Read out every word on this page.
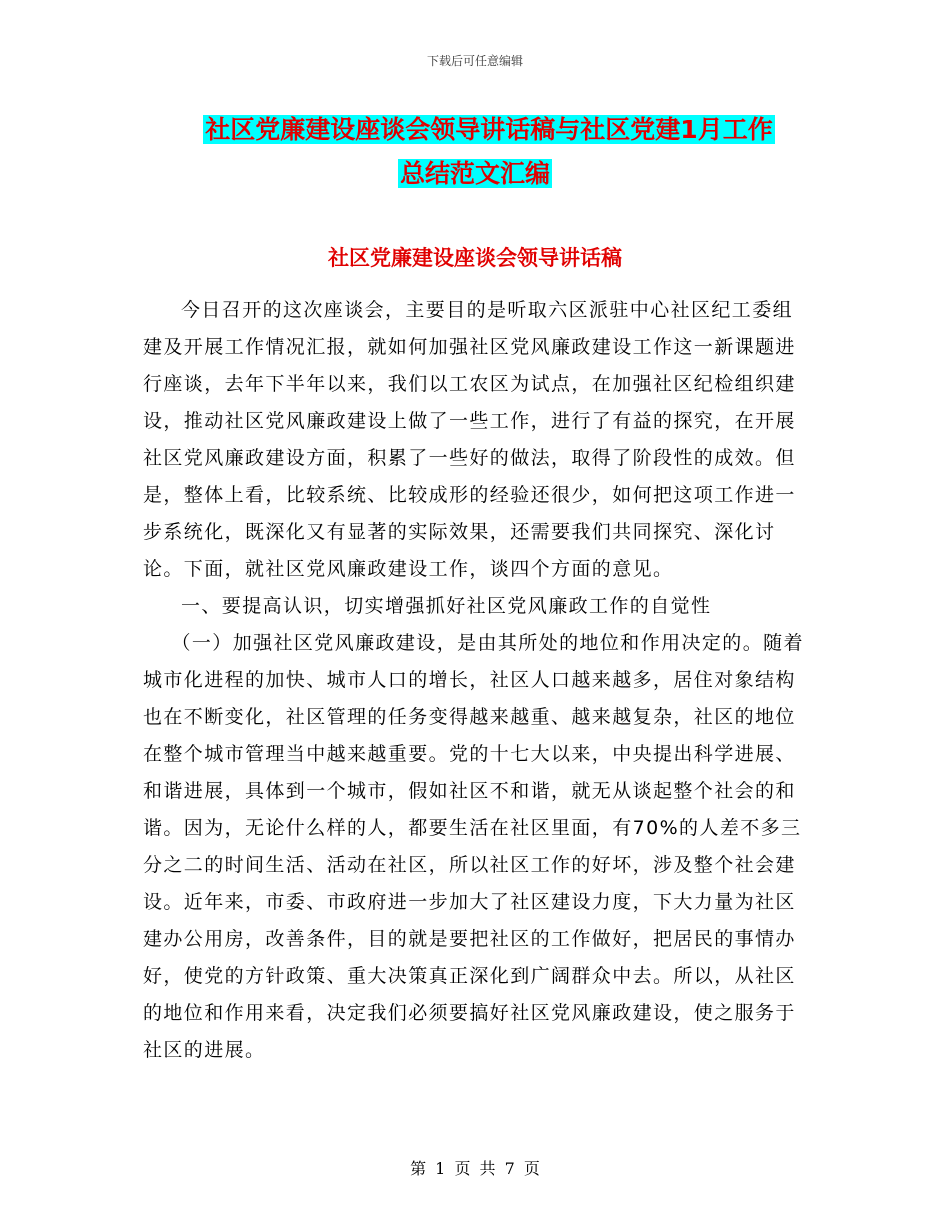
下载后可任意编辑
社区党廉建设座谈会领导讲话稿与社区党建1月工作
总结范文汇编
社区党廉建设座谈会领导讲话稿

今日召开的这次座谈会，主要目的是听取六区派驻中心社区纪工委组建及开展工作情况汇报，就如何加强社区党风廉政建设工作这一新课题进行座谈，去年下半年以来，我们以工农区为试点，在加强社区纪检组织建设，推动社区党风廉政建设上做了一些工作，进行了有益的探究，在开展社区党风廉政建设方面，积累了一些好的做法，取得了阶段性的成效。但是，整体上看，比较系统、比较成形的经验还很少，如何把这项工作进一步系统化，既深化又有显著的实际效果，还需要我们共同探究、深化讨论。下面，就社区党风廉政建设工作，谈四个方面的意见。

一、要提高认识，切实增强抓好社区党风廉政工作的自觉性

（一）加强社区党风廉政建设，是由其所处的地位和作用决定的。随着城市化进程的加快、城市人口的增长，社区人口越来越多，居住对象结构也在不断变化，社区管理的任务变得越来越重、越来越复杂，社区的地位在整个城市管理当中越来越重要。党的十七大以来，中央提出科学进展、和谐进展，具体到一个城市，假如社区不和谐，就无从谈起整个社会的和谐。因为，无论什么样的人，都要生活在社区里面，有70%的人差不多三分之二的时间生活、活动在社区，所以社区工作的好坏，涉及整个社会建设。近年来，市委、市政府进一步加大了社区建设力度，下大力量为社区建办公用房，改善条件，目的就是要把社区的工作做好，把居民的事情办好，使党的方针政策、重大决策真正深化到广阔群众中去。所以，从社区的地位和作用来看，决定我们必须要搞好社区党风廉政建设，使之服务于社区的进展。

第 1 页 共 7 页
